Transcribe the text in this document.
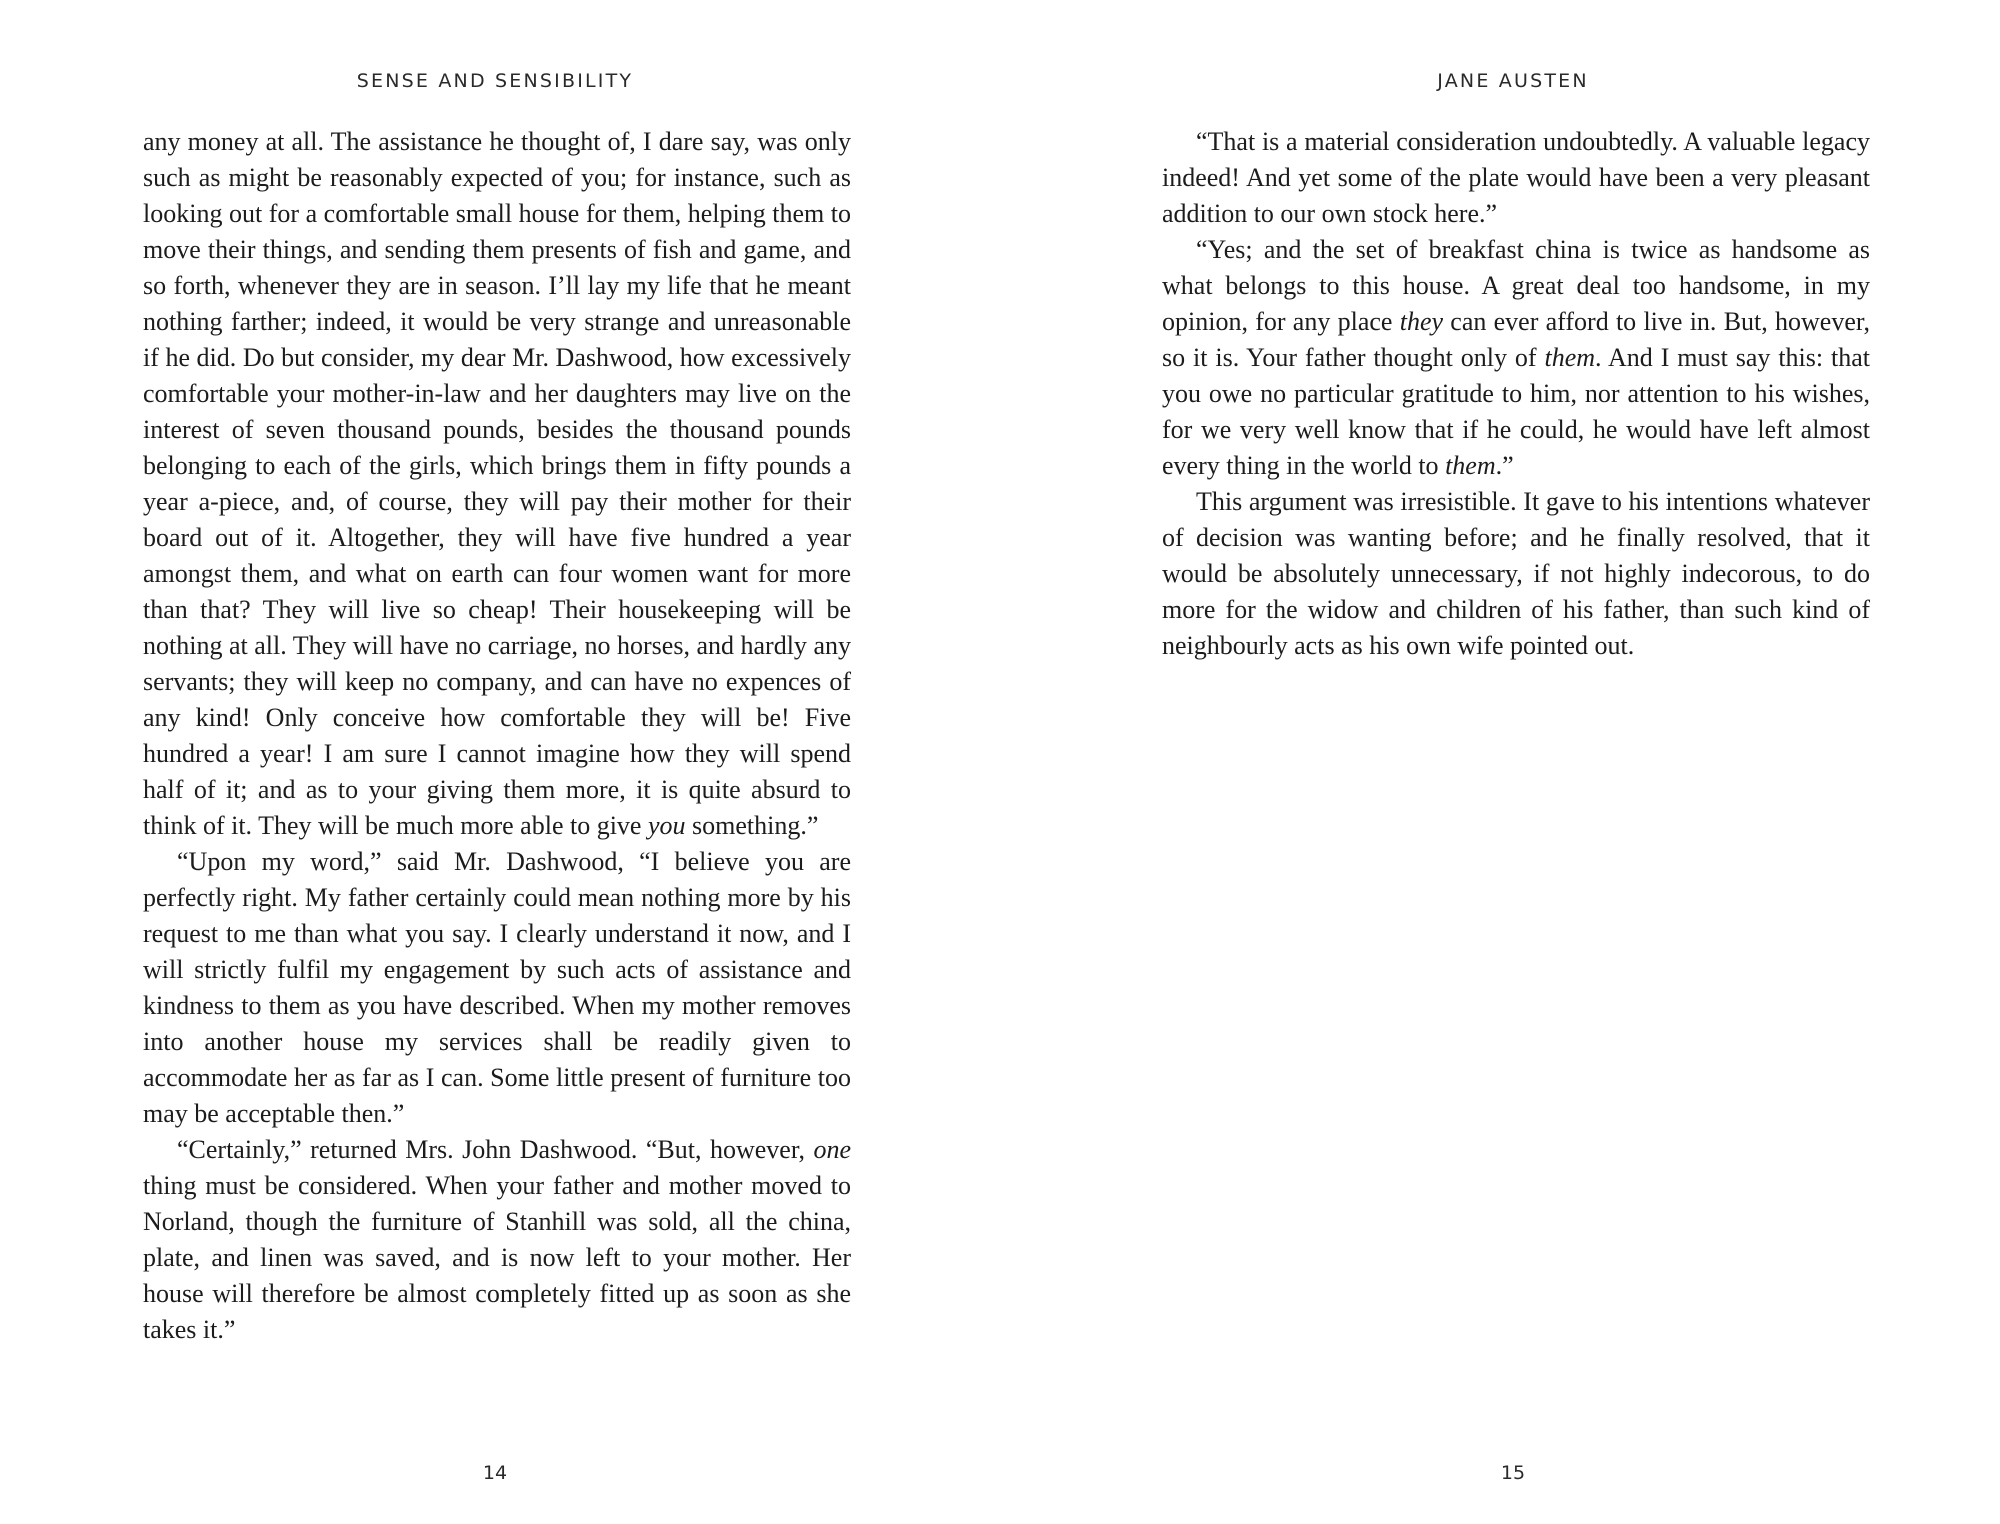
SENSE AND SENSIBILITY

any money at all. The assistance he thought of, I dare say, was only such as might be reasonably expected of you; for instance, such as looking out for a comfortable small house for them, helping them to move their things, and sending them presents of fish and game, and so forth, whenever they are in season. I’ll lay my life that he meant nothing farther; indeed, it would be very strange and unreasonable if he did. Do but consider, my dear Mr. Dashwood, how excessively comfortable your mother-in-law and her daughters may live on the interest of seven thousand pounds, besides the thousand pounds belonging to each of the girls, which brings them in fifty pounds a year a-piece, and, of course, they will pay their mother for their board out of it. Altogether, they will have five hundred a year amongst them, and what on earth can four women want for more than that? They will live so cheap! Their housekeeping will be nothing at all. They will have no carriage, no horses, and hardly any servants; they will keep no company, and can have no expences of any kind! Only conceive how comfortable they will be! Five hundred a year! I am sure I cannot imagine how they will spend half of it; and as to your giving them more, it is quite absurd to think of it. They will be much more able to give you something.”

“Upon my word,” said Mr. Dashwood, “I believe you are perfectly right. My father certainly could mean nothing more by his request to me than what you say. I clearly understand it now, and I will strictly fulfil my engagement by such acts of assistance and kindness to them as you have described. When my mother removes into another house my services shall be readily given to accommodate her as far as I can. Some little present of furniture too may be acceptable then.”

“Certainly,” returned Mrs. John Dashwood. “But, however, one thing must be considered. When your father and mother moved to Norland, though the furniture of Stanhill was sold, all the china, plate, and linen was saved, and is now left to your mother. Her house will therefore be almost completely fitted up as soon as she takes it.”

14
JANE AUSTEN

“That is a material consideration undoubtedly. A valuable legacy indeed! And yet some of the plate would have been a very pleasant addition to our own stock here.”

“Yes; and the set of breakfast china is twice as handsome as what belongs to this house. A great deal too handsome, in my opinion, for any place they can ever afford to live in. But, however, so it is. Your father thought only of them. And I must say this: that you owe no particular gratitude to him, nor attention to his wishes, for we very well know that if he could, he would have left almost every thing in the world to them.”

This argument was irresistible. It gave to his intentions whatever of decision was wanting before; and he finally resolved, that it would be absolutely unnecessary, if not highly indecorous, to do more for the widow and children of his father, than such kind of neighbourly acts as his own wife pointed out.

15
